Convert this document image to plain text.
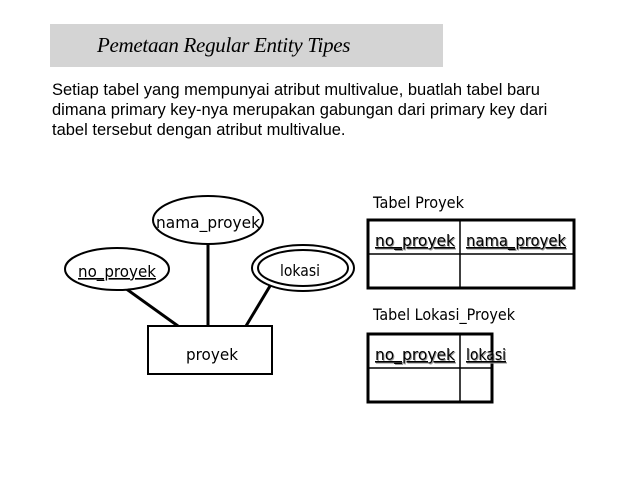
Pemetaan Regular Entity Tipes
Setiap tabel yang mempunyai atribut multivalue, buatlah tabel baru
dimana primary key-nya merupakan gabungan dari primary key dari
tabel tersebut dengan atribut multivalue.
nama_proyek
no_proyek	lokasi
proyek
Tabel Proyek
no_proyek nama_proyek
Tabel Lokasi_Proyek
no_proyek lokasi
